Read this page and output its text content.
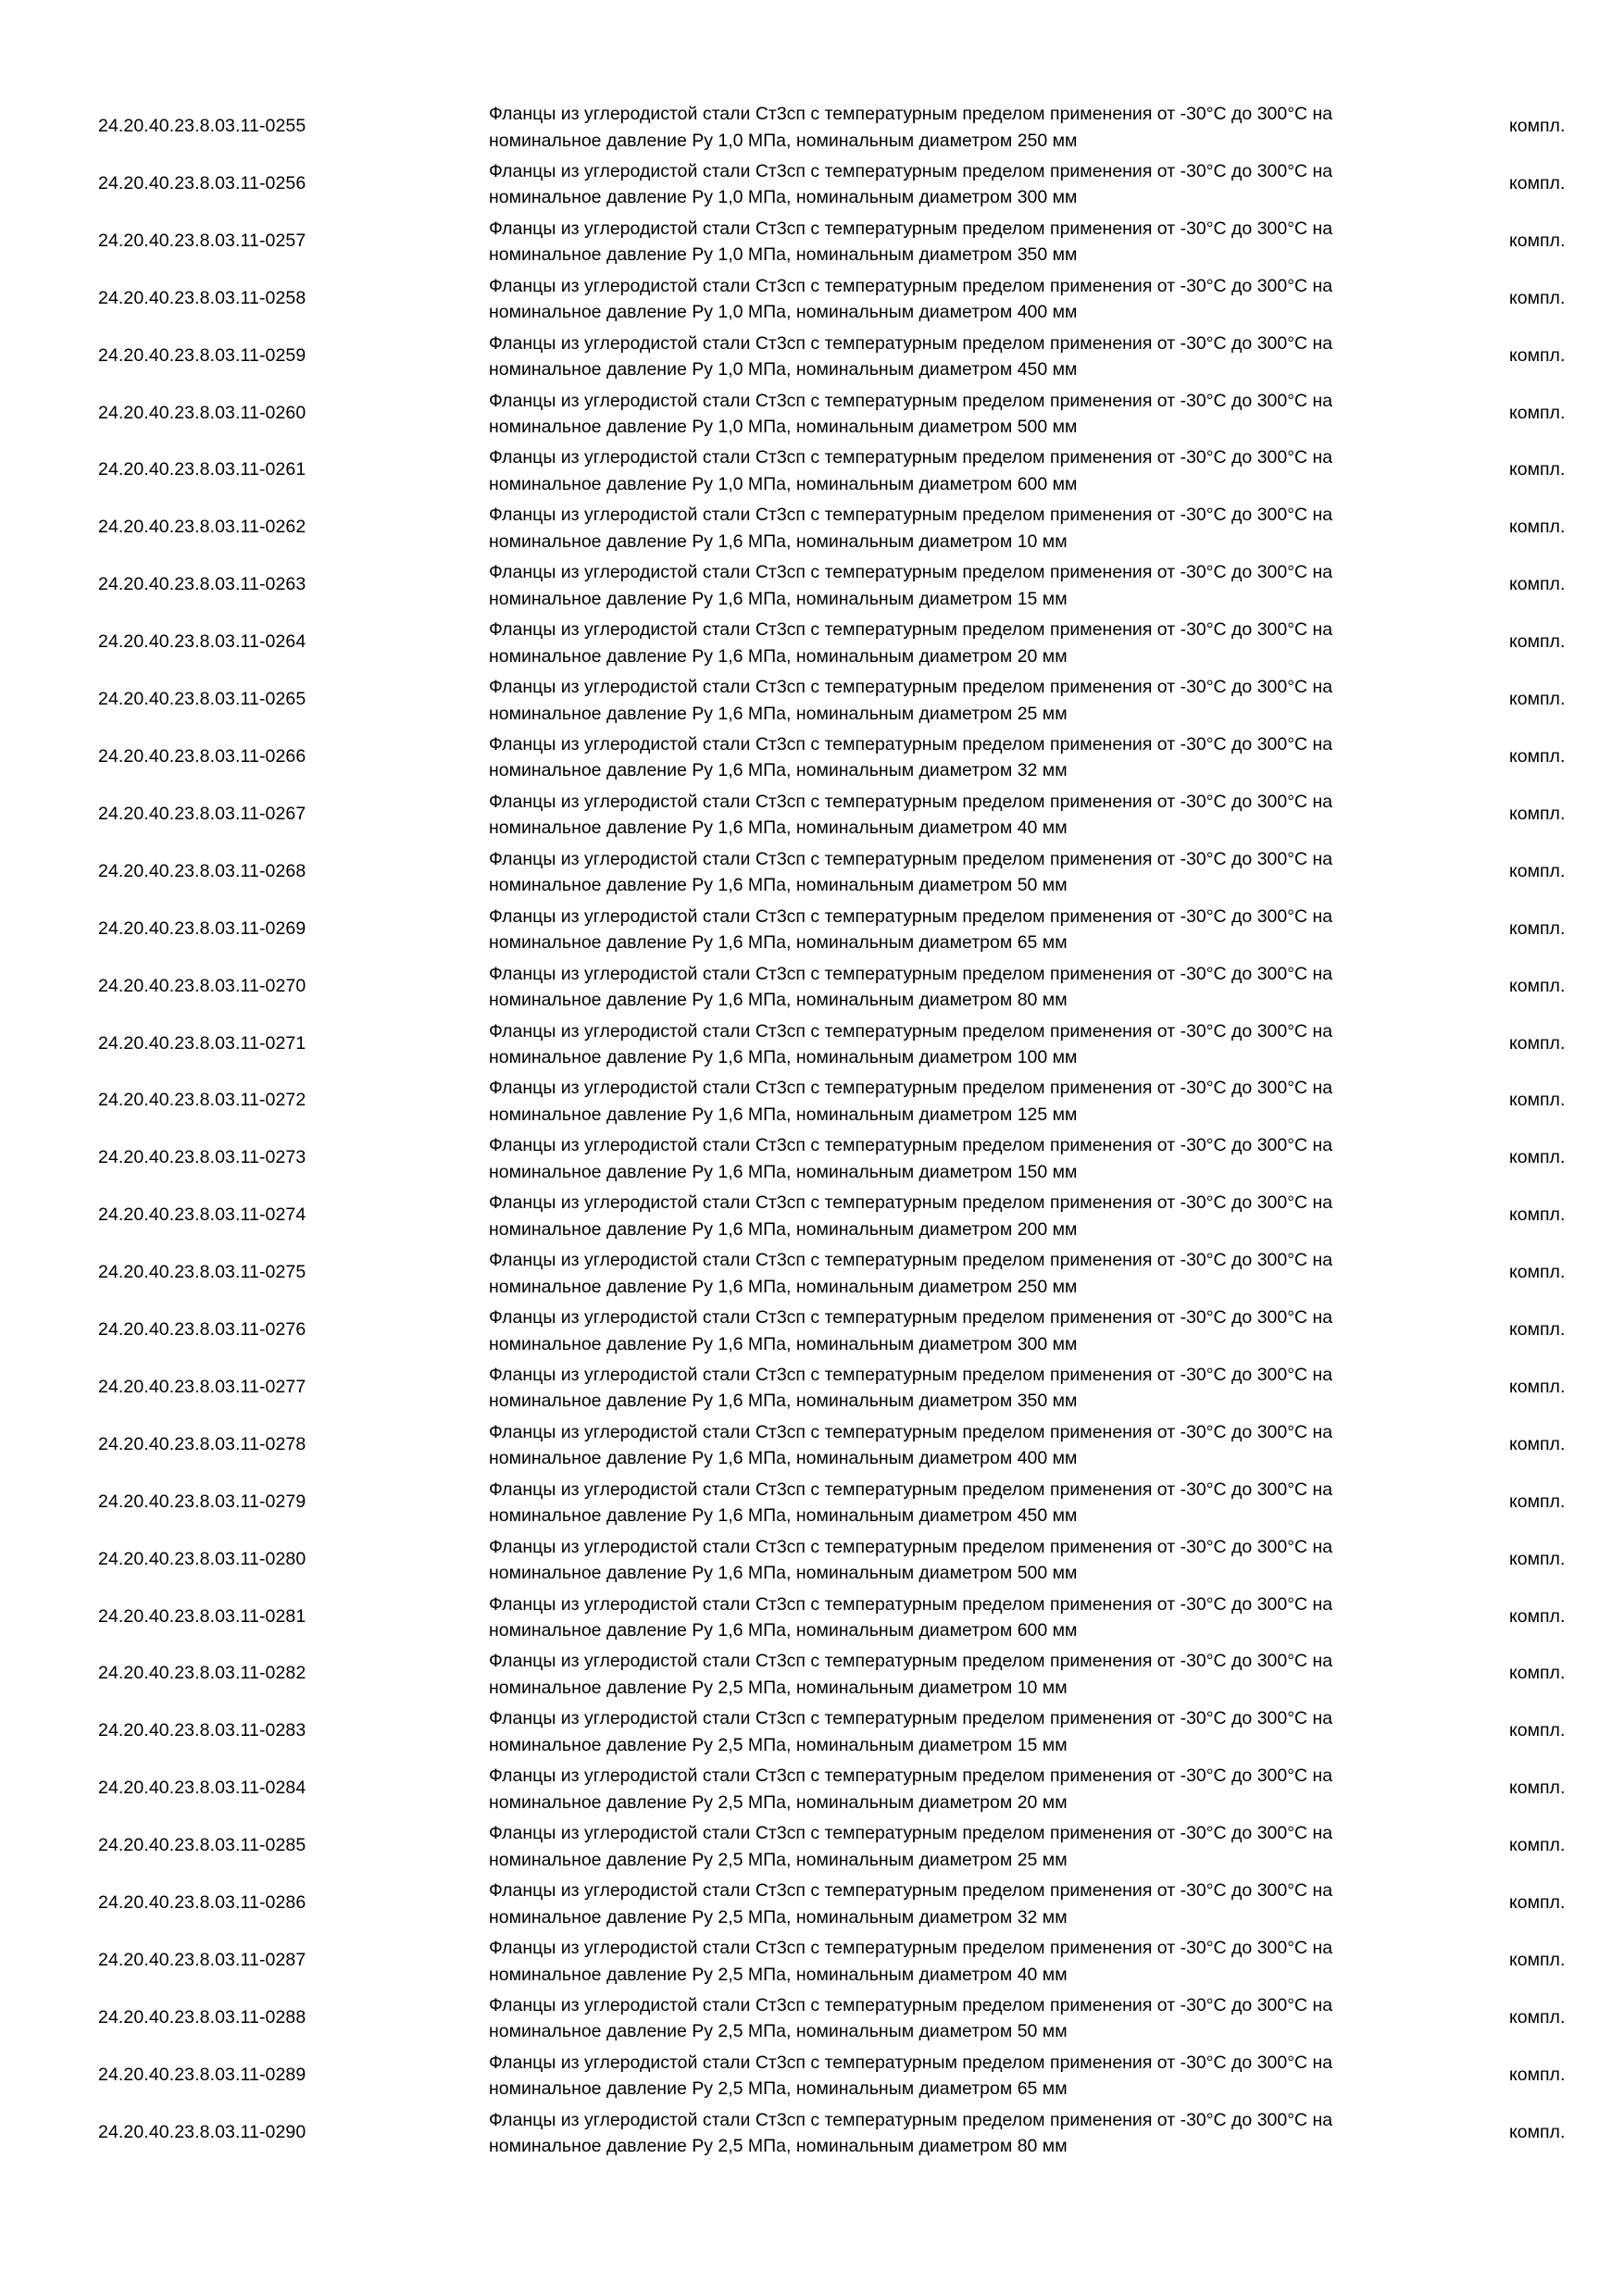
24.20.40.23.8.03.11-0255
Фланцы из углеродистой стали Ст3сп с температурным пределом применения от -30°С до 300°С на
номинальное давление Ру 1,0 МПа, номинальным диаметром 250 мм
компл.
24.20.40.23.8.03.11-0256
Фланцы из углеродистой стали Ст3сп с температурным пределом применения от -30°С до 300°С на
номинальное давление Ру 1,0 МПа, номинальным диаметром 300 мм
компл.
24.20.40.23.8.03.11-0257
Фланцы из углеродистой стали Ст3сп с температурным пределом применения от -30°С до 300°С на
номинальное давление Ру 1,0 МПа, номинальным диаметром 350 мм
компл.
24.20.40.23.8.03.11-0258
Фланцы из углеродистой стали Ст3сп с температурным пределом применения от -30°С до 300°С на
номинальное давление Ру 1,0 МПа, номинальным диаметром 400 мм
компл.
24.20.40.23.8.03.11-0259
Фланцы из углеродистой стали Ст3сп с температурным пределом применения от -30°С до 300°С на
номинальное давление Ру 1,0 МПа, номинальным диаметром 450 мм
компл.
24.20.40.23.8.03.11-0260
Фланцы из углеродистой стали Ст3сп с температурным пределом применения от -30°С до 300°С на
номинальное давление Ру 1,0 МПа, номинальным диаметром 500 мм
компл.
24.20.40.23.8.03.11-0261
Фланцы из углеродистой стали Ст3сп с температурным пределом применения от -30°С до 300°С на
номинальное давление Ру 1,0 МПа, номинальным диаметром 600 мм
компл.
24.20.40.23.8.03.11-0262
Фланцы из углеродистой стали Ст3сп с температурным пределом применения от -30°С до 300°С на
номинальное давление Ру 1,6 МПа, номинальным диаметром 10 мм
компл.
24.20.40.23.8.03.11-0263
Фланцы из углеродистой стали Ст3сп с температурным пределом применения от -30°С до 300°С на
номинальное давление Ру 1,6 МПа, номинальным диаметром 15 мм
компл.
24.20.40.23.8.03.11-0264
Фланцы из углеродистой стали Ст3сп с температурным пределом применения от -30°С до 300°С на
номинальное давление Ру 1,6 МПа, номинальным диаметром 20 мм
компл.
24.20.40.23.8.03.11-0265
Фланцы из углеродистой стали Ст3сп с температурным пределом применения от -30°С до 300°С на
номинальное давление Ру 1,6 МПа, номинальным диаметром 25 мм
компл.
24.20.40.23.8.03.11-0266
Фланцы из углеродистой стали Ст3сп с температурным пределом применения от -30°С до 300°С на
номинальное давление Ру 1,6 МПа, номинальным диаметром 32 мм
компл.
24.20.40.23.8.03.11-0267
Фланцы из углеродистой стали Ст3сп с температурным пределом применения от -30°С до 300°С на
номинальное давление Ру 1,6 МПа, номинальным диаметром 40 мм
компл.
24.20.40.23.8.03.11-0268
Фланцы из углеродистой стали Ст3сп с температурным пределом применения от -30°С до 300°С на
номинальное давление Ру 1,6 МПа, номинальным диаметром 50 мм
компл.
24.20.40.23.8.03.11-0269
Фланцы из углеродистой стали Ст3сп с температурным пределом применения от -30°С до 300°С на
номинальное давление Ру 1,6 МПа, номинальным диаметром 65 мм
компл.
24.20.40.23.8.03.11-0270
Фланцы из углеродистой стали Ст3сп с температурным пределом применения от -30°С до 300°С на
номинальное давление Ру 1,6 МПа, номинальным диаметром 80 мм
компл.
24.20.40.23.8.03.11-0271
Фланцы из углеродистой стали Ст3сп с температурным пределом применения от -30°С до 300°С на
номинальное давление Ру 1,6 МПа, номинальным диаметром 100 мм
компл.
24.20.40.23.8.03.11-0272
Фланцы из углеродистой стали Ст3сп с температурным пределом применения от -30°С до 300°С на
номинальное давление Ру 1,6 МПа, номинальным диаметром 125 мм
компл.
24.20.40.23.8.03.11-0273
Фланцы из углеродистой стали Ст3сп с температурным пределом применения от -30°С до 300°С на
номинальное давление Ру 1,6 МПа, номинальным диаметром 150 мм
компл.
24.20.40.23.8.03.11-0274
Фланцы из углеродистой стали Ст3сп с температурным пределом применения от -30°С до 300°С на
номинальное давление Ру 1,6 МПа, номинальным диаметром 200 мм
компл.
24.20.40.23.8.03.11-0275
Фланцы из углеродистой стали Ст3сп с температурным пределом применения от -30°С до 300°С на
номинальное давление Ру 1,6 МПа, номинальным диаметром 250 мм
компл.
24.20.40.23.8.03.11-0276
Фланцы из углеродистой стали Ст3сп с температурным пределом применения от -30°С до 300°С на
номинальное давление Ру 1,6 МПа, номинальным диаметром 300 мм
компл.
24.20.40.23.8.03.11-0277
Фланцы из углеродистой стали Ст3сп с температурным пределом применения от -30°С до 300°С на
номинальное давление Ру 1,6 МПа, номинальным диаметром 350 мм
компл.
24.20.40.23.8.03.11-0278
Фланцы из углеродистой стали Ст3сп с температурным пределом применения от -30°С до 300°С на
номинальное давление Ру 1,6 МПа, номинальным диаметром 400 мм
компл.
24.20.40.23.8.03.11-0279
Фланцы из углеродистой стали Ст3сп с температурным пределом применения от -30°С до 300°С на
номинальное давление Ру 1,6 МПа, номинальным диаметром 450 мм
компл.
24.20.40.23.8.03.11-0280
Фланцы из углеродистой стали Ст3сп с температурным пределом применения от -30°С до 300°С на
номинальное давление Ру 1,6 МПа, номинальным диаметром 500 мм
компл.
24.20.40.23.8.03.11-0281
Фланцы из углеродистой стали Ст3сп с температурным пределом применения от -30°С до 300°С на
номинальное давление Ру 1,6 МПа, номинальным диаметром 600 мм
компл.
24.20.40.23.8.03.11-0282
Фланцы из углеродистой стали Ст3сп с температурным пределом применения от -30°С до 300°С на
номинальное давление Ру 2,5 МПа, номинальным диаметром 10 мм
компл.
24.20.40.23.8.03.11-0283
Фланцы из углеродистой стали Ст3сп с температурным пределом применения от -30°С до 300°С на
номинальное давление Ру 2,5 МПа, номинальным диаметром 15 мм
компл.
24.20.40.23.8.03.11-0284
Фланцы из углеродистой стали Ст3сп с температурным пределом применения от -30°С до 300°С на
номинальное давление Ру 2,5 МПа, номинальным диаметром 20 мм
компл.
24.20.40.23.8.03.11-0285
Фланцы из углеродистой стали Ст3сп с температурным пределом применения от -30°С до 300°С на
номинальное давление Ру 2,5 МПа, номинальным диаметром 25 мм
компл.
24.20.40.23.8.03.11-0286
Фланцы из углеродистой стали Ст3сп с температурным пределом применения от -30°С до 300°С на
номинальное давление Ру 2,5 МПа, номинальным диаметром 32 мм
компл.
24.20.40.23.8.03.11-0287
Фланцы из углеродистой стали Ст3сп с температурным пределом применения от -30°С до 300°С на
номинальное давление Ру 2,5 МПа, номинальным диаметром 40 мм
компл.
24.20.40.23.8.03.11-0288
Фланцы из углеродистой стали Ст3сп с температурным пределом применения от -30°С до 300°С на
номинальное давление Ру 2,5 МПа, номинальным диаметром 50 мм
компл.
24.20.40.23.8.03.11-0289
Фланцы из углеродистой стали Ст3сп с температурным пределом применения от -30°С до 300°С на
номинальное давление Ру 2,5 МПа, номинальным диаметром 65 мм
компл.
24.20.40.23.8.03.11-0290
Фланцы из углеродистой стали Ст3сп с температурным пределом применения от -30°С до 300°С на
номинальное давление Ру 2,5 МПа, номинальным диаметром 80 мм
компл.
